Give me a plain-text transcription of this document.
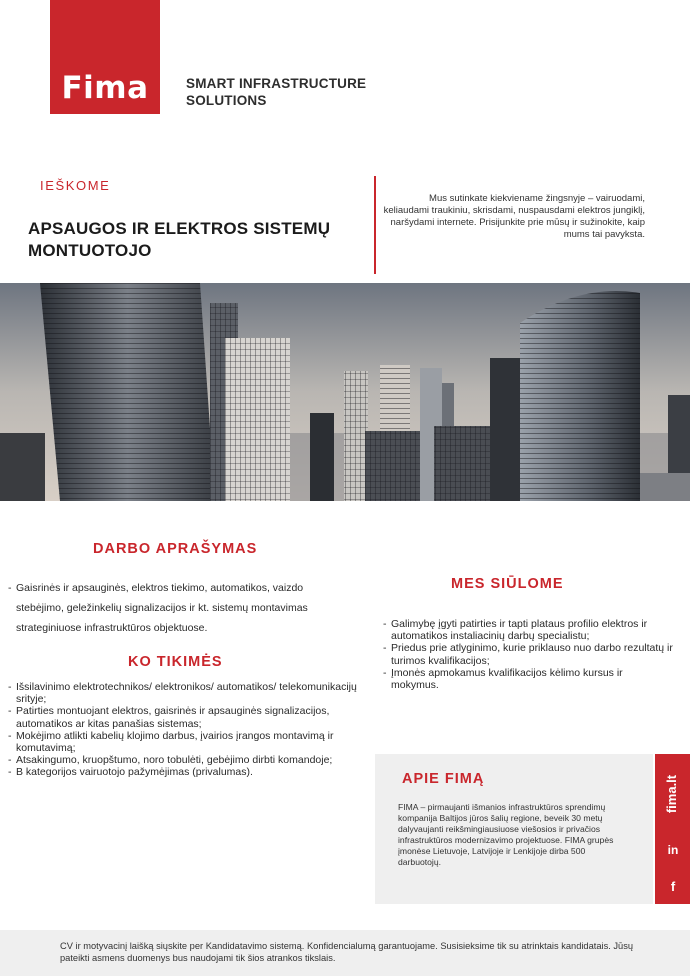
Fima	SMART INFRASTRUCTURE
SOLUTIONS
IEŠKOME
APSAUGOS IR ELEKTROS SISTEMŲ
MONTUOTOJO
Mus sutinkate kiekviename žingsnyje – vairuodami, keliaudami traukiniu, skrisdami, nuspausdami elektros jungiklį, naršydami internete. Prisijunkite prie mūsų ir sužinokite, kaip mums tai pavyksta.
DARBO APRAŠYMAS
- Gaisrinės ir apsauginės, elektros tiekimo, automatikos, vaizdo stebėjimo, geležinkelių signalizacijos ir kt. sistemų montavimas strateginiuose infrastruktūros objektuose.
KO TIKIMĖS
- Išsilavinimo elektrotechnikos/ elektronikos/ automatikos/ telekomunikacijų srityje;
- Patirties montuojant elektros, gaisrinės ir apsauginės signalizacijos, automatikos ar kitas panašias sistemas;
- Mokėjimo atlikti kabelių klojimo darbus, įvairios įrangos montavimą ir komutavimą;
- Atsakingumo, kruopštumo, noro tobulėti, gebėjimo dirbti komandoje;
- B kategorijos vairuotojo pažymėjimas (privalumas).
MES SIŪLOME
- Galimybę įgyti patirties ir tapti plataus profilio elektros ir automatikos instaliacinių darbų specialistu;
- Priedus prie atlyginimo, kurie priklauso nuo darbo rezultatų ir turimos kvalifikacijos;
- Įmonės apmokamus kvalifikacijos kėlimo kursus ir mokymus.
APIE FIMĄ
FIMA – pirmaujanti išmanios infrastruktūros sprendimų kompanija Baltijos jūros šalių regione, beveik 30 metų dalyvaujanti reikšmingiausiuose viešosios ir privačios infrastruktūros modernizavimo projektuose. FIMA grupės įmonėse Lietuvoje, Latvijoje ir Lenkijoje dirba 500 darbuotojų.
fima.lt
in
f
CV ir motyvacinį laišką siųskite per Kandidatavimo sistemą. Konfidencialumą garantuojame. Susisieksime tik su atrinktais kandidatais. Jūsų pateikti asmens duomenys bus naudojami tik šios atrankos tikslais.
